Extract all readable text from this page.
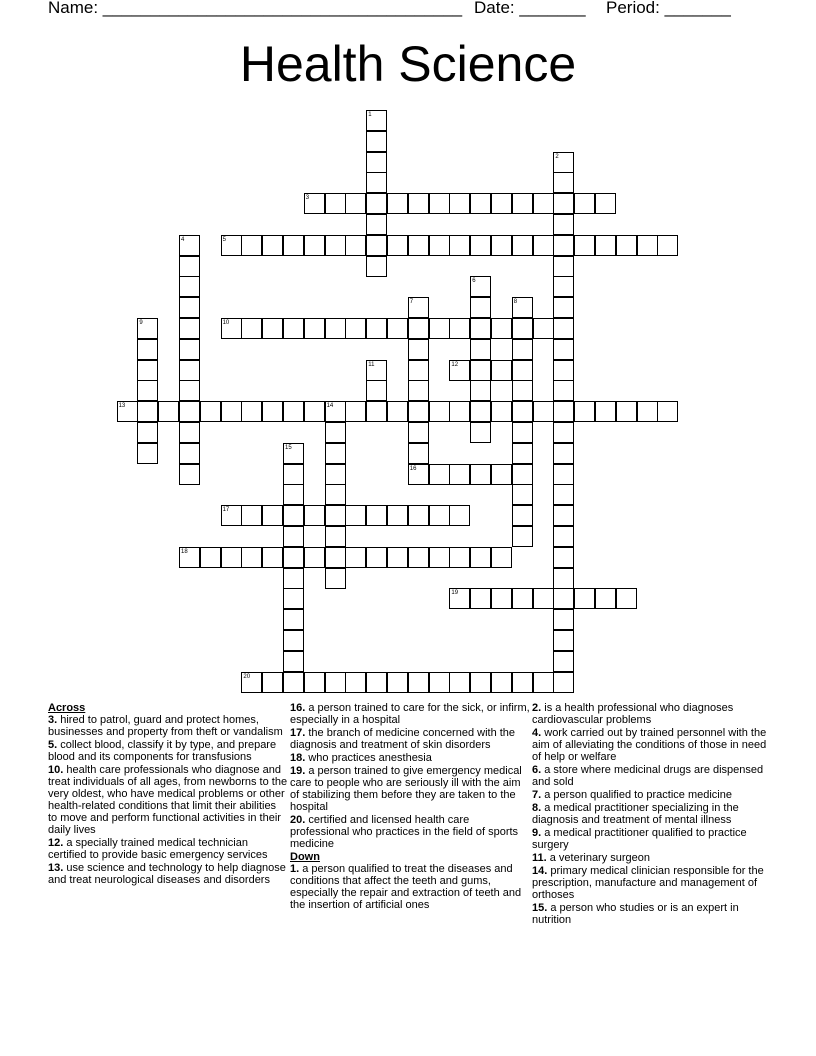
Name: ______________________________________ Date: _______ Period: _______
Health Science
1
2
3
4	5
6
7	8
9	10
11	12
13	14
15
16
17
18
19
20
Across

3. hired to patrol, guard and protect homes, businesses and property from theft or vandalism

5. collect blood, classify it by type, and prepare blood and its components for transfusions

10. health care professionals who diagnose and treat individuals of all ages, from newborns to the very oldest, who have medical problems or other health-related conditions that limit their abilities to move and perform functional activities in their daily lives

12. a specially trained medical technician certified to provide basic emergency services

13. use science and technology to help diagnose and treat neurological diseases and disorders

16. a person trained to care for the sick, or infirm, especially in a hospital

17. the branch of medicine concerned with the diagnosis and treatment of skin disorders

18. who practices anesthesia

19. a person trained to give emergency medical care to people who are seriously ill with the aim of stabilizing them before they are taken to the hospital

20. certified and licensed health care professional who practices in the field of sports medicine

Down

1. a person qualified to treat the diseases and conditions that affect the teeth and gums, especially the repair and extraction of teeth and the insertion of artificial ones

2. is a health professional who diagnoses cardiovascular problems

4. work carried out by trained personnel with the aim of alleviating the conditions of those in need of help or welfare

6. a store where medicinal drugs are dispensed and sold

7. a person qualified to practice medicine

8. a medical practitioner specializing in the diagnosis and treatment of mental illness

9. a medical practitioner qualified to practice surgery

11. a veterinary surgeon

14. primary medical clinician responsible for the prescription, manufacture and management of orthoses

15. a person who studies or is an expert in nutrition
